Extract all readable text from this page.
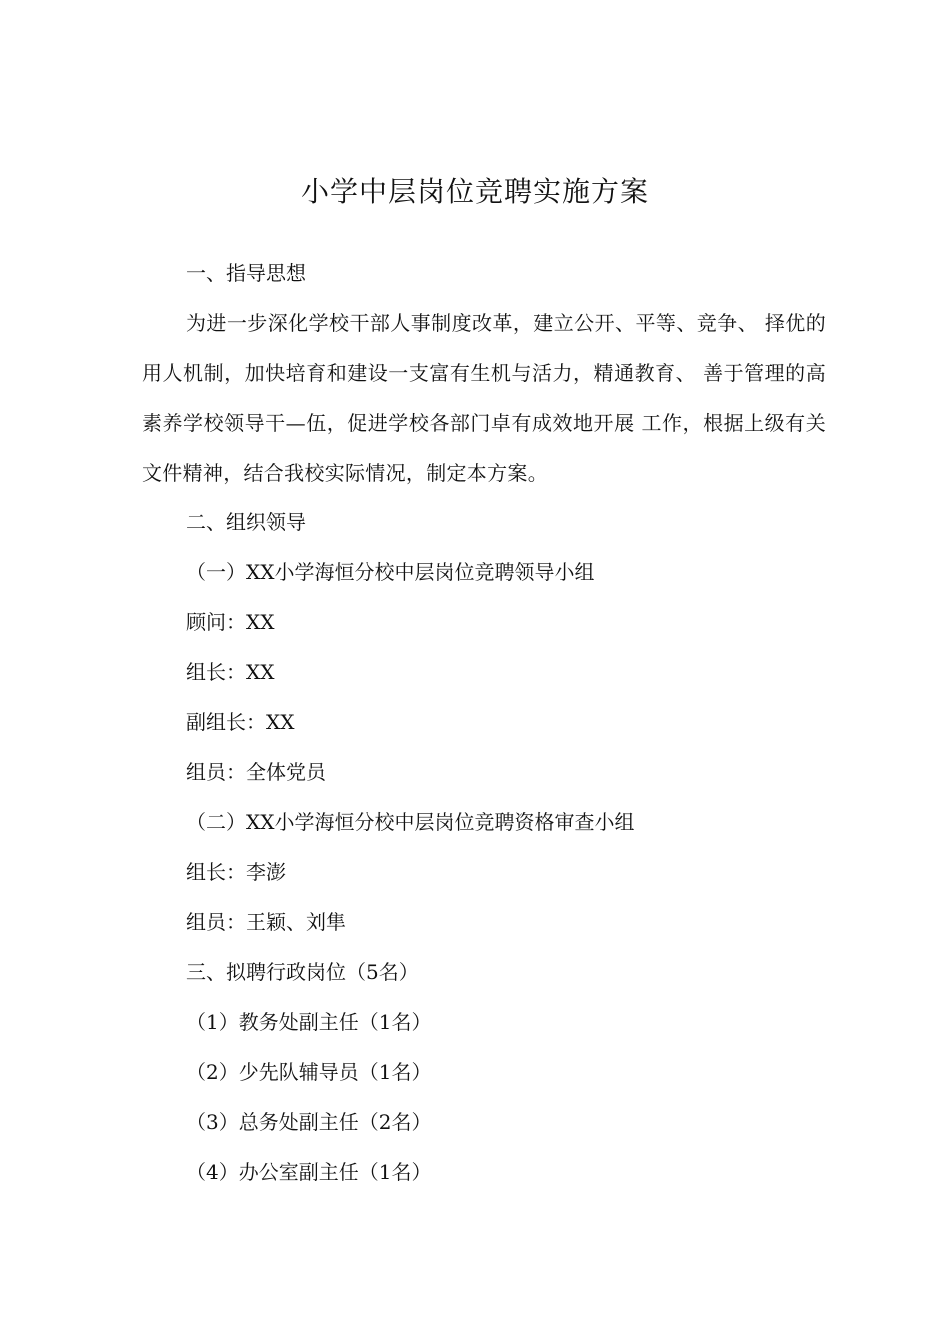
小学中层岗位竞聘实施方案
一、指导思想
为进一步深化学校干部人事制度改革，建立公开、平等、竞争、 择优的用人机制，加快培育和建设一支富有生机与活力，精通教育、 善于管理的高素养学校领导干—伍，促进学校各部门卓有成效地开展 工作，根据上级有关文件精神，结合我校实际情况，制定本方案。
二、组织领导
（一）XX小学海恒分校中层岗位竞聘领导小组
顾问：XX
组长：XX
副组长：XX
组员：全体党员
（二）XX小学海恒分校中层岗位竞聘资格审查小组
组长：李澎
组员：王颖、刘隼
三、拟聘行政岗位（5名）
（1）教务处副主任（1名）
（2）少先队辅导员（1名）
（3）总务处副主任（2名）
（4）办公室副主任（1名）
